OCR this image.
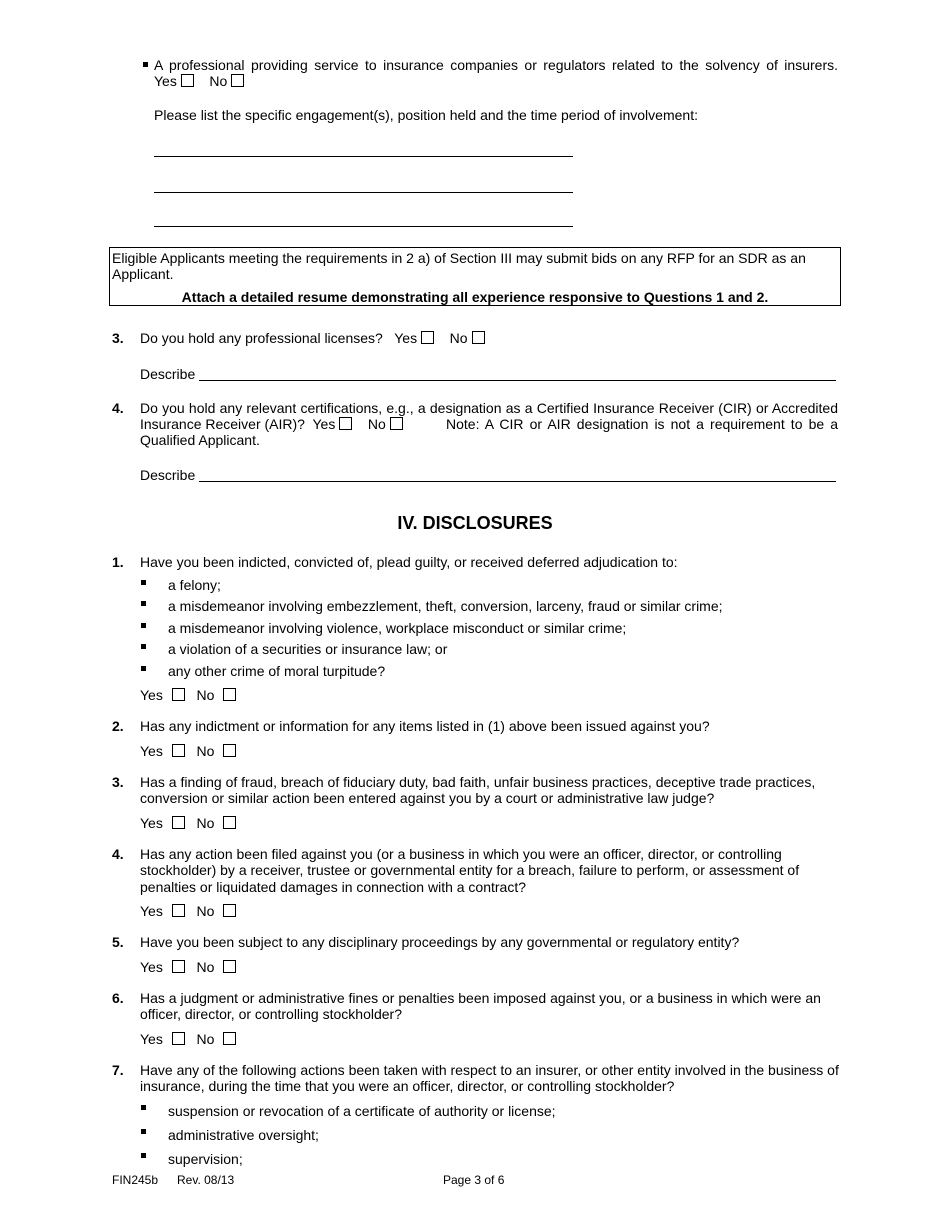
A professional providing service to insurance companies or regulators related to the solvency of insurers.
Yes No
Please list the specific engagement(s), position held and the time period of involvement:
Eligible Applicants meeting the requirements in 2 a) of Section III may submit bids on any RFP for an SDR as an Applicant.
Attach a detailed resume demonstrating all experience responsive to Questions 1 and 2.
3. Do you hold any professional licenses? Yes No
Describe
4. Do you hold any relevant certifications, e.g., a designation as a Certified Insurance Receiver (CIR) or Accredited
Insurance Receiver (AIR)? Yes No	Note: A CIR or AIR designation is not a requirement to be a
Qualified Applicant.
Describe
IV. DISCLOSURES
1. Have you been indicted, convicted of, plead guilty, or received deferred adjudication to:
a felony;
a misdemeanor involving embezzlement, theft, conversion, larceny, fraud or similar crime;
a misdemeanor involving violence, workplace misconduct or similar crime;
a violation of a securities or insurance law; or
any other crime of moral turpitude?
Yes No
2. Has any indictment or information for any items listed in (1) above been issued against you?
Yes No
3. Has a finding of fraud, breach of fiduciary duty, bad faith, unfair business practices, deceptive trade practices,
conversion or similar action been entered against you by a court or administrative law judge?
Yes No
4. Has any action been filed against you (or a business in which you were an officer, director, or controlling
stockholder) by a receiver, trustee or governmental entity for a breach, failure to perform, or assessment of
penalties or liquidated damages in connection with a contract?
Yes No
5. Have you been subject to any disciplinary proceedings by any governmental or regulatory entity?
Yes No
6. Has a judgment or administrative fines or penalties been imposed against you, or a business in which were an
officer, director, or controlling stockholder?
Yes No
7. Have any of the following actions been taken with respect to an insurer, or other entity involved in the business of
insurance, during the time that you were an officer, director, or controlling stockholder?
suspension or revocation of a certificate of authority or license;
administrative oversight;
supervision;
FIN245b Rev. 08/13	Page 3 of 6
